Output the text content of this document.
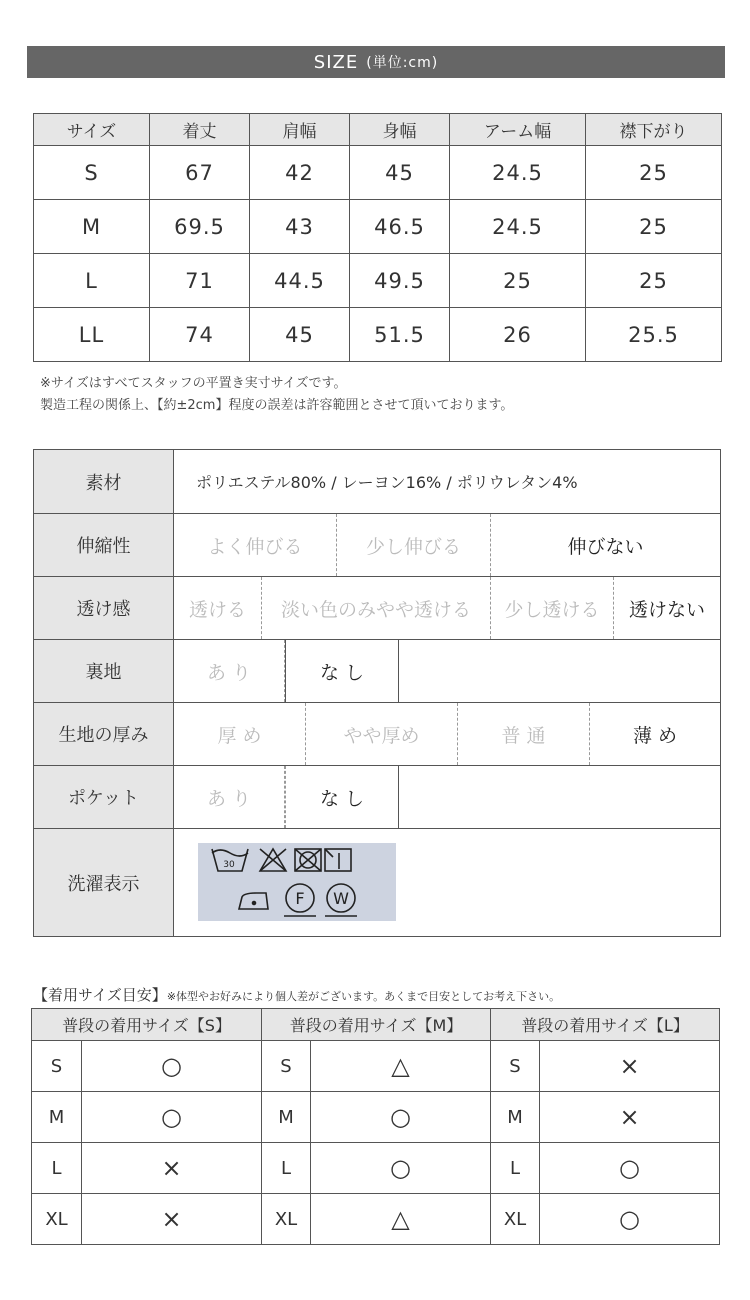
SIZE (単位:cm)
サイズ	着丈	肩幅	身幅	アーム幅	襟下がり
S	67	42	45	24.5	25
M	69.5	43	46.5	24.5	25
L	71	44.5	49.5	25	25
LL	74	45	51.5	26	25.5
※サイズはすべてスタッフの平置き実寸サイズです。
製造工程の関係上、【約±2cm】程度の誤差は許容範囲とさせて頂いております。
素材	ポリエステル80% / レーヨン16% / ポリウレタン4%
伸縮性	よく伸びる	少し伸びる	伸びない
透け感	透ける	淡い色のみやや透ける	少し透ける	透けない
裏地	あ り	な し
生地の厚み	厚 め	やや厚め	普 通	薄 め
ポケット	あ り	な し
洗濯表示
30
F W
【着用サイズ目安】※体型やお好みにより個人差がございます。あくまで目安としてお考え下さい。
普段の着用サイズ【S】		普段の着用サイズ【M】		普段の着用サイズ【L】	
S	○	S	△	S	×
M	○	M	○	M	×
L	×	L	○	L	○
XL	×	XL	△	XL	○
